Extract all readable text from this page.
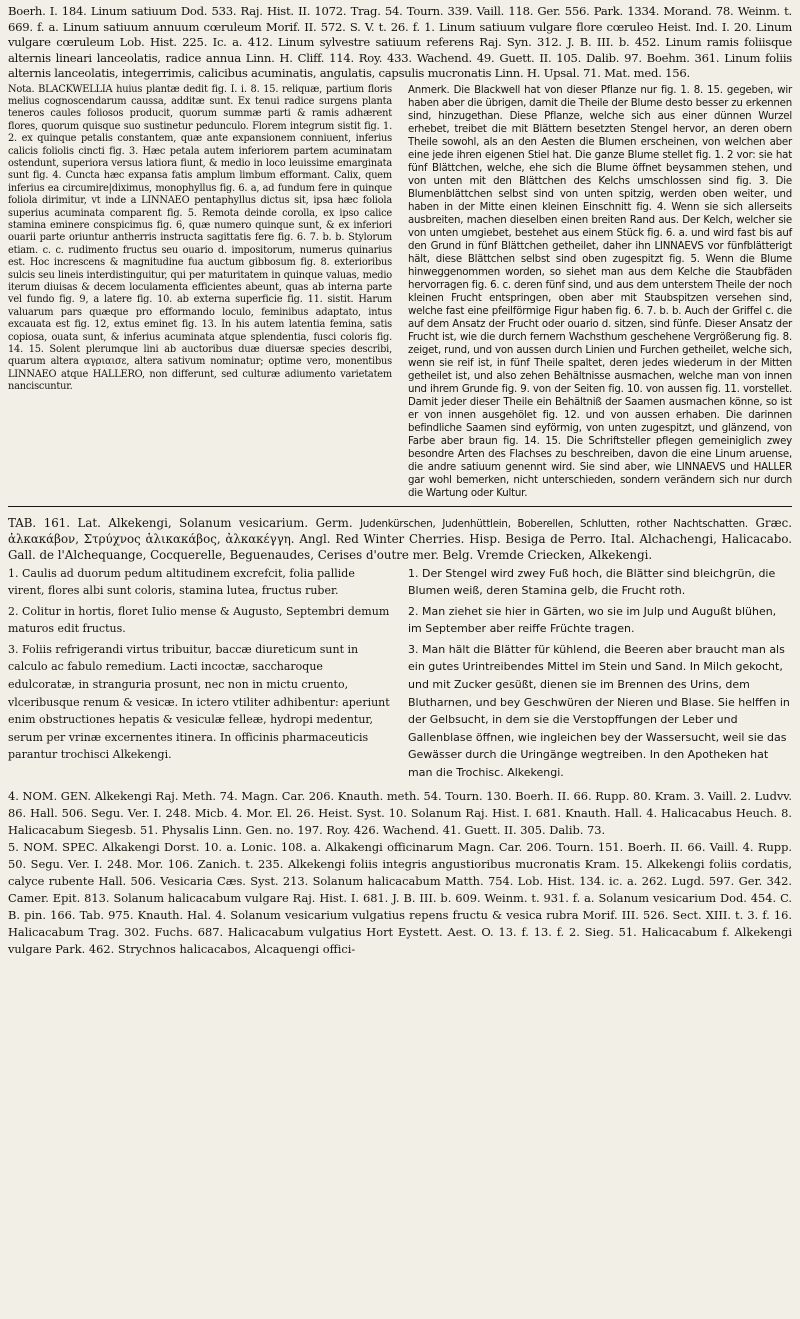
Boerh. I. 184. Linum satiuum Dod. 533. Raj. Hist. II. 1072. Trag. 54. Tourn. 339. Vaill. 118. Ger. 556. Park. 1334. Morand. 78. Weinm. t. 669. f. a. Linum satiuum annuum cœruleum Morif. II. 572. S. V. t. 26. f. 1. Linum satiuum vulgare flore cœruleo Heist. Ind. I. 20. Linum vulgare cœruleum Lob. Hist. 225. Ic. a. 412. Linum sylvestre satiuum referens Raj. Syn. 312. J. B. III. b. 452. Linum ramis foliisque alternis lineari lanceolatis, radice annua Linn. H. Cliff. 114. Roy. 433. Wachend. 49. Guett. II. 105. Dalib. 97. Boehm. 361. Linum foliis alternis lanceolatis, integerrimis, calicibus acuminatis, angulatis, capsulis mucronatis Linn. H. Upsal. 71. Mat. med. 156.

Nota. BLACKWELLIA huius plantæ dedit fig. I. i. 8. 15. reliquæ, partium floris melius cognoscendarum caussa, additæ sunt. Ex tenui radice surgens planta teneros caules foliosos producit, quorum summæ parti & ramis adhærent flores, quorum quisque suo sustinetur pedunculo. Florem integrum sistit fig. 1. 2. ex quinque petalis constantem, quæ ante expansionem conniuent, inferius calicis foliolis cincti fig. 3. Hæc petala autem inferiorem partem acuminatam ostendunt, superiora versus latiora fiunt, & medio in loco leuissime emarginata sunt fig. 4. Cuncta hæc expansa fatis amplum limbum efformant. Calix, quem inferius ea circumire|diximus, monophyllus fig. 6. a, ad fundum fere in quinque foliola dirimitur, vt inde a LINNAEO pentaphyllus dictus sit, ipsa hæc foliola superius acuminata comparent fig. 5. Remota deinde corolla, ex ipso calice stamina eminere conspicimus fig. 6, quæ numero quinque sunt, & ex inferiori ouarii parte oriuntur antherris instructa sagittatis fere fig. 6. 7. b. b. Stylorum etiam. c. c. rudimento fructus seu ouario d. impositorum, numerus quinarius est. Hoc increscens & magnitudine fua auctum gibbosum fig. 8. exterioribus sulcis seu lineis interdistinguitur, qui per maturitatem in quinque valuas, medio iterum diuisas & decem loculamenta efficientes abeunt, quas ab interna parte vel fundo fig. 9, a latere fig. 10. ab externa superficie fig. 11. sistit. Harum valuarum pars quæque pro efformando loculo, feminibus adaptato, intus excauata est fig. 12, extus eminet fig. 13. In his autem latentia femina, satis copiosa, ouata sunt, & inferius acuminata atque splendentia, fusci coloris fig. 14. 15. Solent plerumque lini ab auctoribus duæ diuersæ species describi, quarum altera αγριαισε, altera sativum nominatur; optime vero, monentibus LINNAEO atque HALLERO, non differunt, sed culturæ adiumento varietatem nanciscuntur.

Anmerk. Die Blackwell hat von dieser Pflanze nur fig. 1. 8. 15. gegeben, wir haben aber die übrigen, damit die Theile der Blume desto besser zu erkennen sind, hinzugethan. Diese Pflanze, welche sich aus einer dünnen Wurzel erhebet, treibet die mit Blättern besetzten Stengel hervor, an deren obern Theile sowohl, als an den Aesten die Blumen erscheinen, von welchen aber eine jede ihren eigenen Stiel hat. Die ganze Blume stellet fig. 1. 2 vor: sie hat fünf Blättchen, welche, ehe sich die Blume öffnet beysammen stehen, und von unten mit den Blättchen des Kelchs umschlossen sind fig. 3. Die Blumenblättchen selbst sind von unten spitzig, werden oben weiter, und haben in der Mitte einen kleinen Einschnitt fig. 4. Wenn sie sich allerseits ausbreiten, machen dieselben einen breiten Rand aus. Der Kelch, welcher sie von unten umgiebet, bestehet aus einem Stück fig. 6. a. und wird fast bis auf den Grund in fünf Blättchen getheilet, daher ihn LINNAEVS vor fünfblätterigt hält, diese Blättchen selbst sind oben zugespitzt fig. 5. Wenn die Blume hinweggenommen worden, so siehet man aus dem Kelche die Staubfäden hervorragen fig. 6. c. deren fünf sind, und aus dem unterstem Theile der noch kleinen Frucht entspringen, oben aber mit Staubspitzen versehen sind, welche fast eine pfeilförmige Figur haben fig. 6. 7. b. b. Auch der Griffel c. die auf dem Ansatz der Frucht oder ouario d. sitzen, sind fünfe. Dieser Ansatz der Frucht ist, wie die durch fernern Wachsthum geschehene Vergrößerung fig. 8. zeiget, rund, und von aussen durch Linien und Furchen getheilet, welche sich, wenn sie reif ist, in fünf Theile spaltet, deren jedes wiederum in der Mitten getheilet ist, und also zehen Behältnisse ausmachen, welche man von innen und ihrem Grunde fig. 9. von der Seiten fig. 10. von aussen fig. 11. vorstellet. Damit jeder dieser Theile ein Behältniß der Saamen ausmachen könne, so ist er von innen ausgehölet fig. 12. und von aussen erhaben. Die darinnen befindliche Saamen sind eyförmig, von unten zugespitzt, und glänzend, von Farbe aber braun fig. 14. 15. Die Schriftsteller pflegen gemeiniglich zwey besondre Arten des Flachses zu beschreiben, davon die eine Linum aruense, die andre satiuum genennt wird. Sie sind aber, wie LINNAEVS und HALLER gar wohl bemerken, nicht unterschieden, sondern verändern sich nur durch die Wartung oder Kultur.

TAB. 161. Lat. Alkekengi, Solanum vesicarium. Germ. Judenkürschen, Judenhüttlein, Boberellen, Schlutten, rother Nachtschatten. Græc. ἀλκακάβον, Στρύχνος ἁλικακάβος, ἀλκακέγγη. Angl. Red Winter Cherries. Hisp. Besiga de Perro. Ital. Alchachengi, Halicacabo. Gall. de l'Alchequange, Cocquerelle, Beguenaudes, Cerises d'outre mer. Belg. Vremde Criecken, Alkekengi.

1. Caulis ad duorum pedum altitudinem excrefcit, folia pallide virent, flores albi sunt coloris, stamina lutea, fructus ruber.

2. Colitur in hortis, floret Iulio mense & Augusto, Septembri demum maturos edit fructus.

3. Foliis refrigerandi virtus tribuitur, baccæ diureticum sunt in calculo ac fabulo remedium. Lacti incoctæ, saccharoque edulcoratæ, in stranguria prosunt, nec non in mictu cruento, vlceribusque renum & vesicæ. In ictero vtiliter adhibentur: aperiunt enim obstructiones hepatis & vesiculæ felleæ, hydropi medentur, serum per vrinæ excernentes itinera. In officinis pharmaceuticis parantur trochisci Alkekengi.

1. Der Stengel wird zwey Fuß hoch, die Blätter sind bleichgrün, die Blumen weiß, deren Stamina gelb, die Frucht roth.

2. Man ziehet sie hier in Gärten, wo sie im Julp und Augußt blühen, im September aber reiffe Früchte tragen.

3. Man hält die Blätter für kühlend, die Beeren aber braucht man als ein gutes Urintreibendes Mittel im Stein und Sand. In Milch gekocht, und mit Zucker gesüßt, dienen sie im Brennen des Urins, dem Blutharnen, und bey Geschwüren der Nieren und Blase. Sie helffen in der Gelbsucht, in dem sie die Verstopffungen der Leber und Gallenblase öffnen, wie ingleichen bey der Wassersucht, weil sie das Gewässer durch die Uringänge wegtreiben. In den Apotheken hat man die Trochisc. Alkekengi.

4. NOM. GEN. Alkekengi Raj. Meth. 74. Magn. Car. 206. Knauth. meth. 54. Tourn. 130. Boerh. II. 66. Rupp. 80. Kram. 3. Vaill. 2. Ludvv. 86. Hall. 506. Segu. Ver. I. 248. Micb. 4. Mor. El. 26. Heist. Syst. 10. Solanum Raj. Hist. I. 681. Knauth. Hall. 4. Halicacabus Heuch. 8. Halicacabum Siegesb. 51. Physalis Linn. Gen. no. 197. Roy. 426. Wachend. 41. Guett. II. 305. Dalib. 73.

5. NOM. SPEC. Alkakengi Dorst. 10. a. Lonic. 108. a. Alkakengi officinarum Magn. Car. 206. Tourn. 151. Boerh. II. 66. Vaill. 4. Rupp. 50. Segu. Ver. I. 248. Mor. 106. Zanich. t. 235. Alkekengi foliis integris angustioribus mucronatis Kram. 15. Alkekengi foliis cordatis, calyce rubente Hall. 506. Vesicaria Cæs. Syst. 213. Solanum halicacabum Matth. 754. Lob. Hist. 134. ic. a. 262. Lugd. 597. Ger. 342. Camer. Epit. 813. Solanum halicacabum vulgare Raj. Hist. I. 681. J. B. III. b. 609. Weinm. t. 931. f. a. Solanum vesicarium Dod. 454. C. B. pin. 166. Tab. 975. Knauth. Hal. 4. Solanum vesicarium vulgatius repens fructu & vesica rubra Morif. III. 526. Sect. XIII. t. 3. f. 16. Halicacabum Trag. 302. Fuchs. 687. Halicacabum vulgatius Hort Eystett. Aest. O. 13. f. 13. f. 2. Sieg. 51. Halicacabum f. Alkekengi vulgare Park. 462. Strychnos halicacabos, Alcaquengi offici-
